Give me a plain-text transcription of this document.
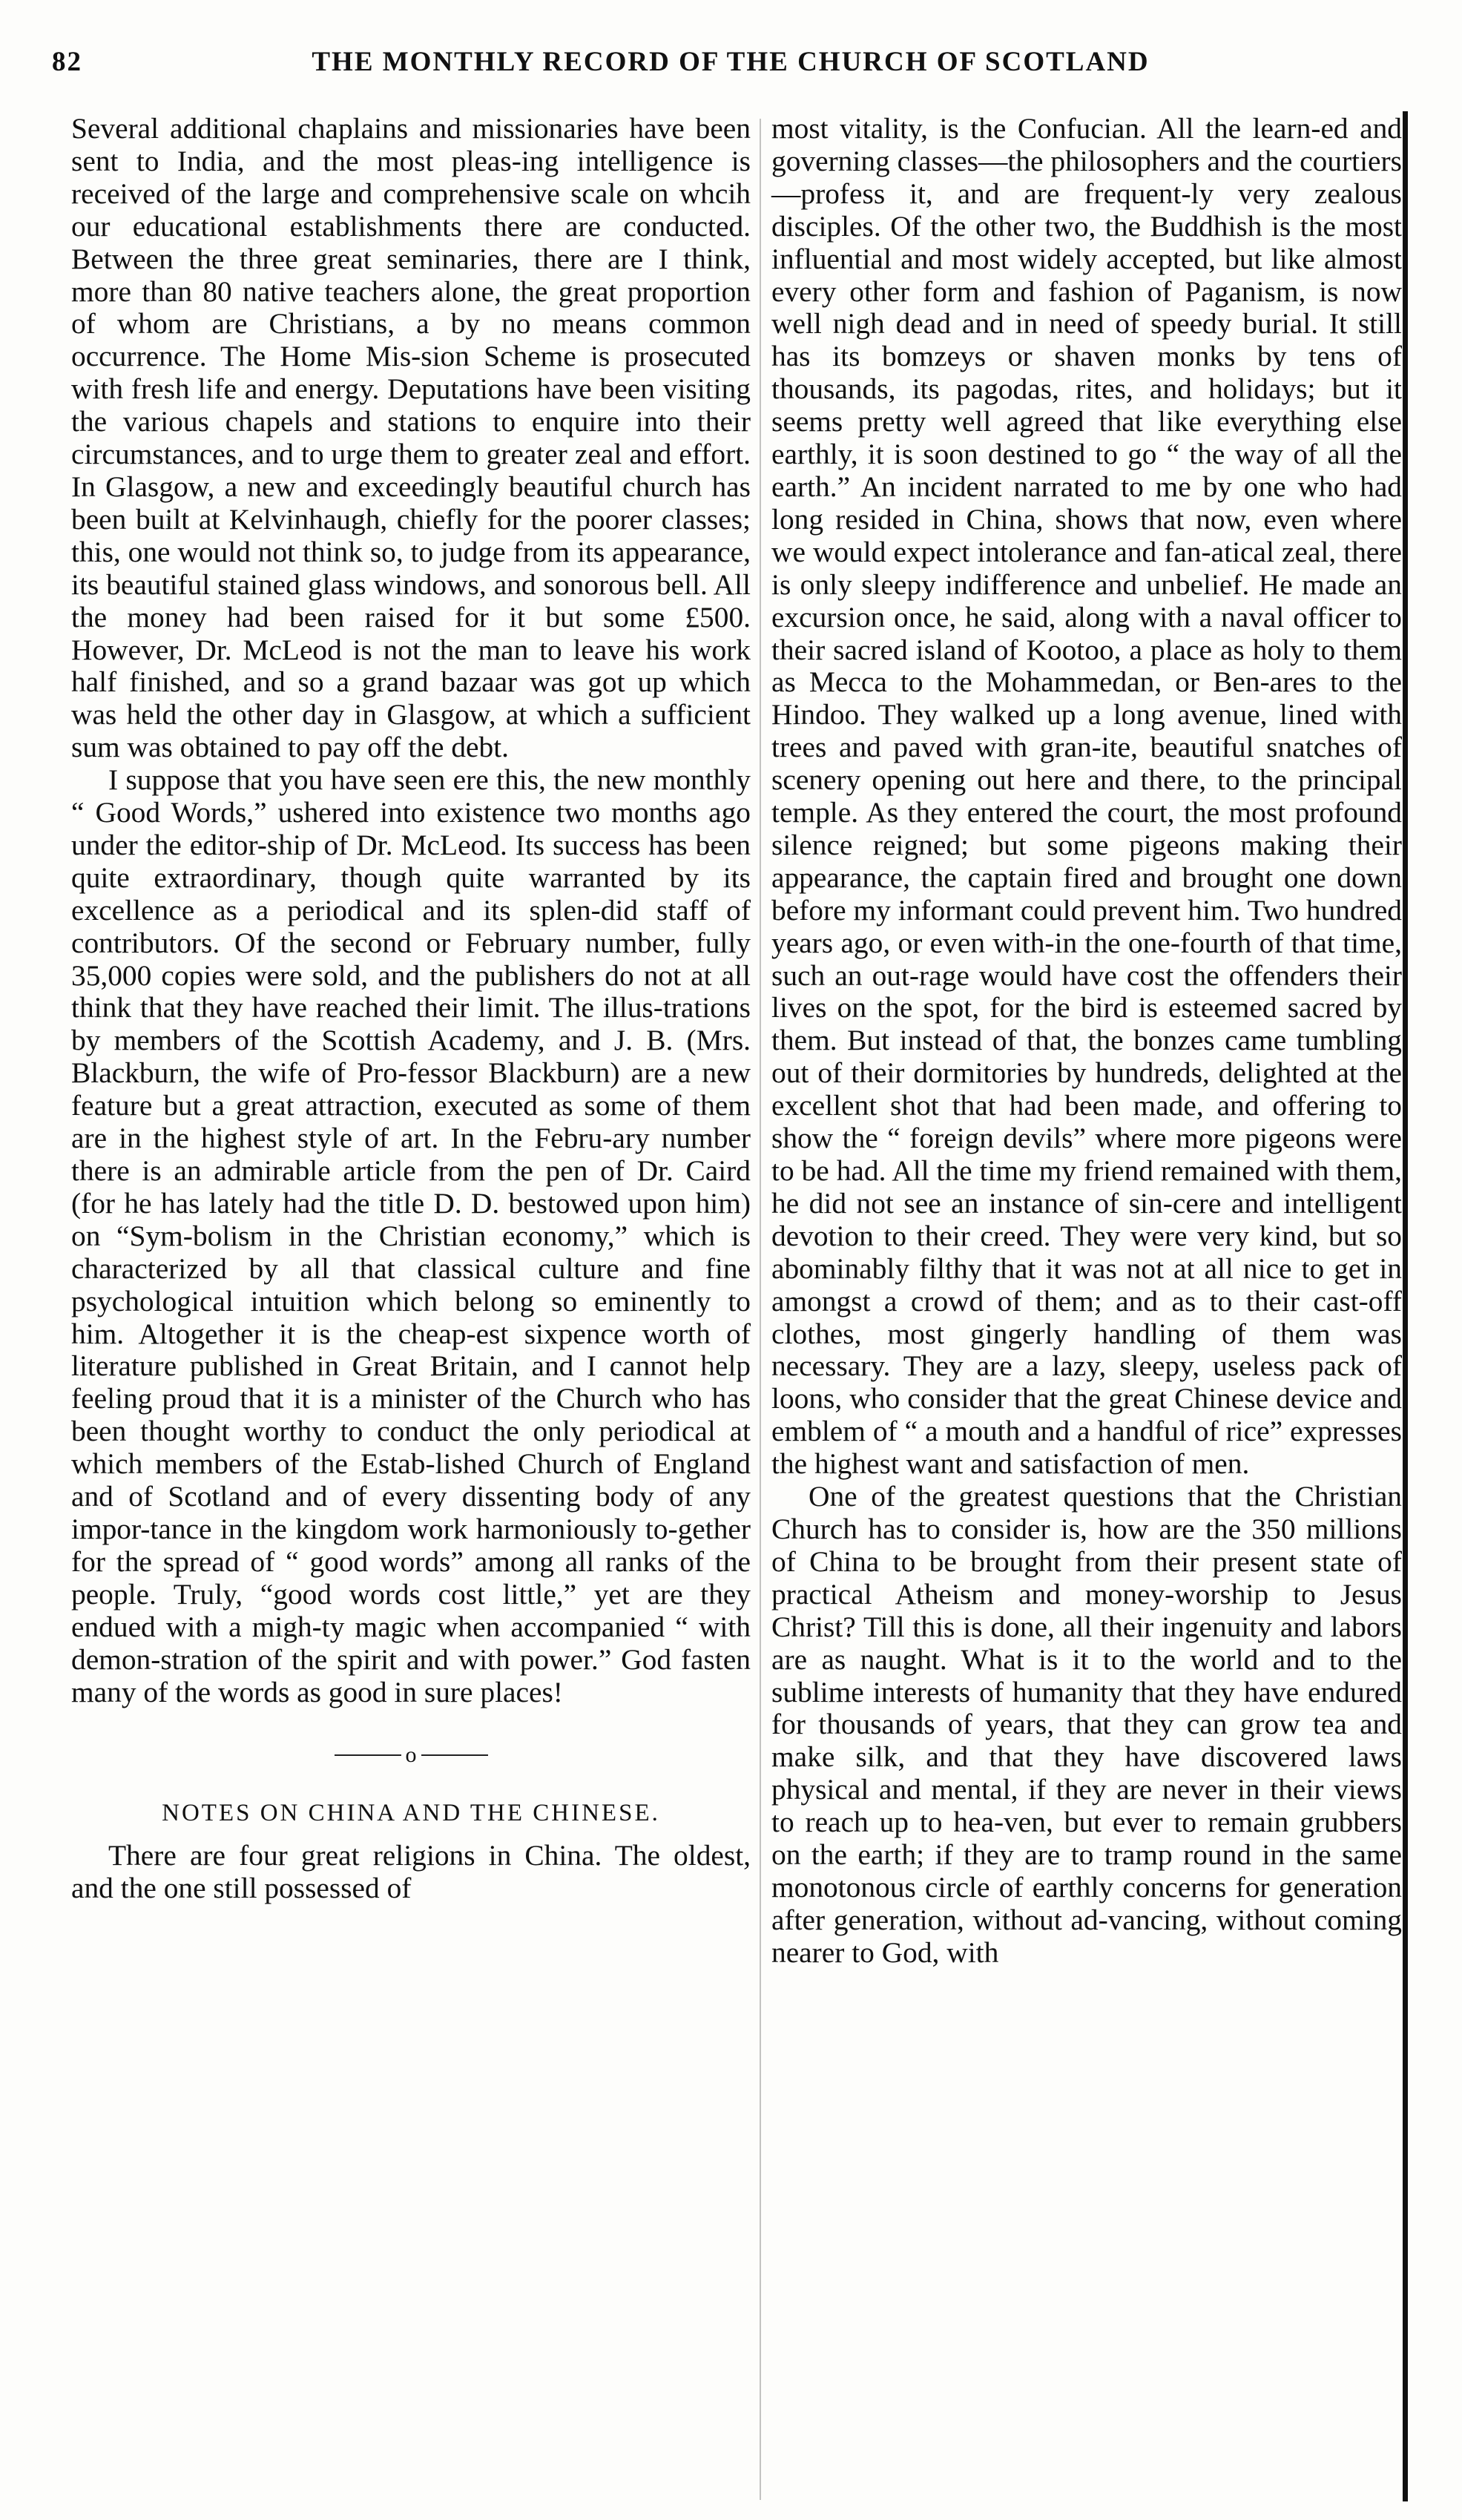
82	THE MONTHLY RECORD OF THE CHURCH OF SCOTLAND

Several additional chaplains and missionaries have been sent to India, and the most pleas-ing intelligence is received of the large and comprehensive scale on whcih our educational establishments there are conducted. Between the three great seminaries, there are I think, more than 80 native teachers alone, the great proportion of whom are Christians, a by no means common occurrence. The Home Mis-sion Scheme is prosecuted with fresh life and energy. Deputations have been visiting the various chapels and stations to enquire into their circumstances, and to urge them to greater zeal and effort. In Glasgow, a new and exceedingly beautiful church has been built at Kelvinhaugh, chiefly for the poorer classes; this, one would not think so, to judge from its appearance, its beautiful stained glass windows, and sonorous bell. All the money had been raised for it but some £500. However, Dr. McLeod is not the man to leave his work half finished, and so a grand bazaar was got up which was held the other day in Glasgow, at which a sufficient sum was obtained to pay off the debt.

I suppose that you have seen ere this, the new monthly “ Good Words,” ushered into existence two months ago under the editor-ship of Dr. McLeod. Its success has been quite extraordinary, though quite warranted by its excellence as a periodical and its splen-did staff of contributors. Of the second or February number, fully 35,000 copies were sold, and the publishers do not at all think that they have reached their limit. The illus-trations by members of the Scottish Academy, and J. B. (Mrs. Blackburn, the wife of Pro-fessor Blackburn) are a new feature but a great attraction, executed as some of them are in the highest style of art. In the Febru-ary number there is an admirable article from the pen of Dr. Caird (for he has lately had the title D. D. bestowed upon him) on “Sym-bolism in the Christian economy,” which is characterized by all that classical culture and fine psychological intuition which belong so eminently to him. Altogether it is the cheap-est sixpence worth of literature published in Great Britain, and I cannot help feeling proud that it is a minister of the Church who has been thought worthy to conduct the only periodical at which members of the Estab-lished Church of England and of Scotland and of every dissenting body of any impor-tance in the kingdom work harmoniously to-gether for the spread of “ good words” among all ranks of the people. Truly, “good words cost little,” yet are they endued with a migh-ty magic when accompanied “ with demon-stration of the spirit and with power.” God fasten many of the words as good in sure places!

o
NOTES ON CHINA AND THE CHINESE.

There are four great religions in China. The oldest, and the one still possessed of

most vitality, is the Confucian. All the learn-ed and governing classes—the philosophers and the courtiers—profess it, and are frequent-ly very zealous disciples. Of the other two, the Buddhish is the most influential and most widely accepted, but like almost every other form and fashion of Paganism, is now well nigh dead and in need of speedy burial. It still has its bomzeys or shaven monks by tens of thousands, its pagodas, rites, and holidays; but it seems pretty well agreed that like everything else earthly, it is soon destined to go “ the way of all the earth.” An incident narrated to me by one who had long resided in China, shows that now, even where we would expect intolerance and fan-atical zeal, there is only sleepy indifference and unbelief. He made an excursion once, he said, along with a naval officer to their sacred island of Kootoo, a place as holy to them as Mecca to the Mohammedan, or Ben-ares to the Hindoo. They walked up a long avenue, lined with trees and paved with gran-ite, beautiful snatches of scenery opening out here and there, to the principal temple. As they entered the court, the most profound silence reigned; but some pigeons making their appearance, the captain fired and brought one down before my informant could prevent him. Two hundred years ago, or even with-in the one-fourth of that time, such an out-rage would have cost the offenders their lives on the spot, for the bird is esteemed sacred by them. But instead of that, the bonzes came tumbling out of their dormitories by hundreds, delighted at the excellent shot that had been made, and offering to show the “ foreign devils” where more pigeons were to be had. All the time my friend remained with them, he did not see an instance of sin-cere and intelligent devotion to their creed. They were very kind, but so abominably filthy that it was not at all nice to get in amongst a crowd of them; and as to their cast-off clothes, most gingerly handling of them was necessary. They are a lazy, sleepy, useless pack of loons, who consider that the great Chinese device and emblem of “ a mouth and a handful of rice” expresses the highest want and satisfaction of men.

One of the greatest questions that the Christian Church has to consider is, how are the 350 millions of China to be brought from their present state of practical Atheism and money-worship to Jesus Christ? Till this is done, all their ingenuity and labors are as naught. What is it to the world and to the sublime interests of humanity that they have endured for thousands of years, that they can grow tea and make silk, and that they have discovered laws physical and mental, if they are never in their views to reach up to hea-ven, but ever to remain grubbers on the earth; if they are to tramp round in the same monotonous circle of earthly concerns for generation after generation, without ad-vancing, without coming nearer to God, with
